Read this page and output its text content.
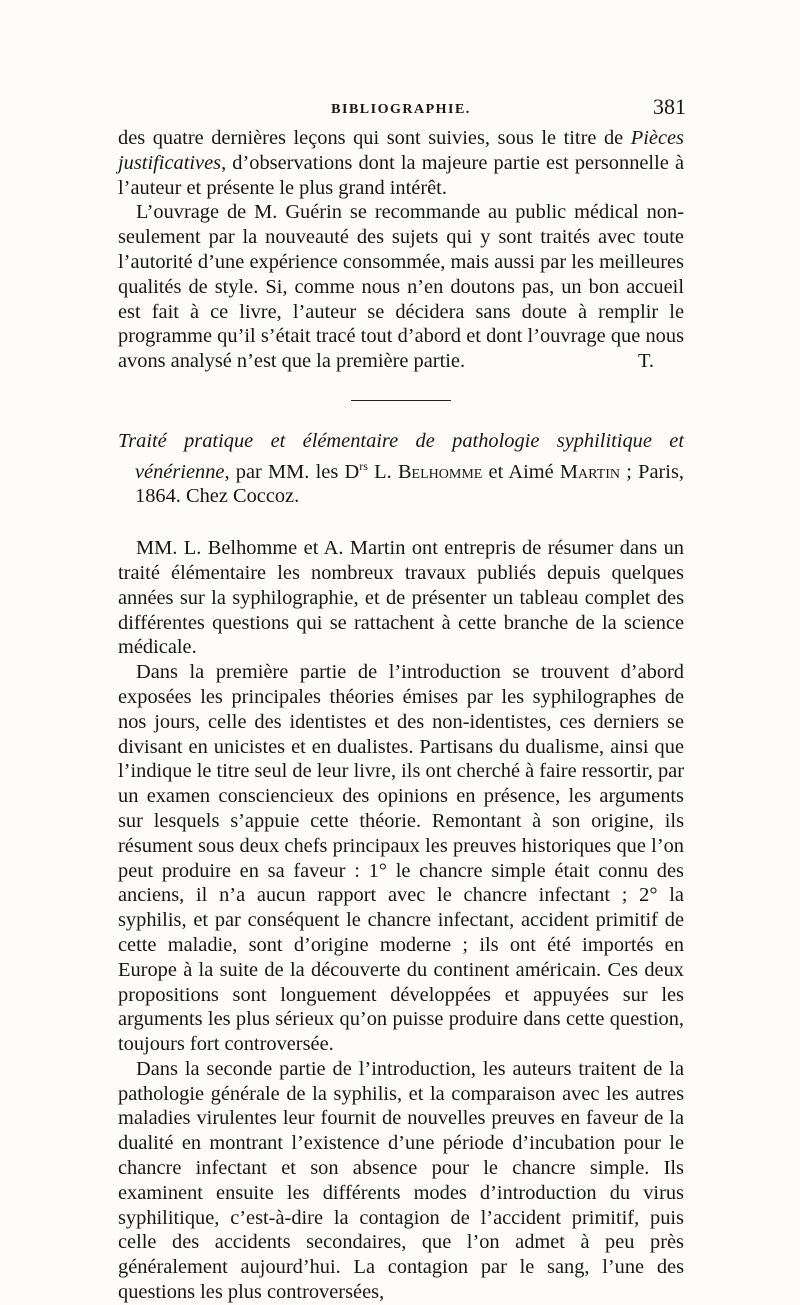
BIBLIOGRAPHIE.	381

des quatre dernières leçons qui sont suivies, sous le titre de Pièces justificatives, d’observations dont la majeure partie est personnelle à l’auteur et présente le plus grand intérêt.

L’ouvrage de M. Guérin se recommande au public médical non-seulement par la nouveauté des sujets qui y sont traités avec toute l’autorité d’une expérience consommée, mais aussi par les meilleures qualités de style. Si, comme nous n’en doutons pas, un bon accueil est fait à ce livre, l’auteur se décidera sans doute à remplir le programme qu’il s’était tracé tout d’abord et dont l’ouvrage que nous avons analysé n’est que la première partie.	T.

Traité pratique et élémentaire de pathologie syphilitique et vénérienne, par MM. les $D^{rs}$ L. Belhomme et Aimé Martin ; Paris, 1864. Chez Coccoz.

MM. L. Belhomme et A. Martin ont entrepris de résumer dans un traité élémentaire les nombreux travaux publiés depuis quelques années sur la syphilographie, et de présenter un tableau complet des différentes questions qui se rattachent à cette branche de la science médicale.

Dans la première partie de l’introduction se trouvent d’abord exposées les principales théories émises par les syphilographes de nos jours, celle des identistes et des non-identistes, ces derniers se divisant en unicistes et en dualistes. Partisans du dualisme, ainsi que l’indique le titre seul de leur livre, ils ont cherché à faire ressortir, par un examen consciencieux des opinions en présence, les arguments sur lesquels s’appuie cette théorie. Remontant à son origine, ils résument sous deux chefs principaux les preuves historiques que l’on peut produire en sa faveur : 1° le chancre simple était connu des anciens, il n’a aucun rapport avec le chancre infectant ; 2° la syphilis, et par conséquent le chancre infectant, accident primitif de cette maladie, sont d’origine moderne ; ils ont été importés en Europe à la suite de la découverte du continent américain. Ces deux propositions sont longuement développées et appuyées sur les arguments les plus sérieux qu’on puisse produire dans cette question, toujours fort controversée.

Dans la seconde partie de l’introduction, les auteurs traitent de la pathologie générale de la syphilis, et la comparaison avec les autres maladies virulentes leur fournit de nouvelles preuves en faveur de la dualité en montrant l’existence d’une période d’incubation pour le chancre infectant et son absence pour le chancre simple. Ils examinent ensuite les différents modes d’introduction du virus syphilitique, c’est-à-dire la contagion de l’accident primitif, puis celle des accidents secondaires, que l’on admet à peu près généralement aujourd’hui. La contagion par le sang, l’une des questions les plus controversées,
